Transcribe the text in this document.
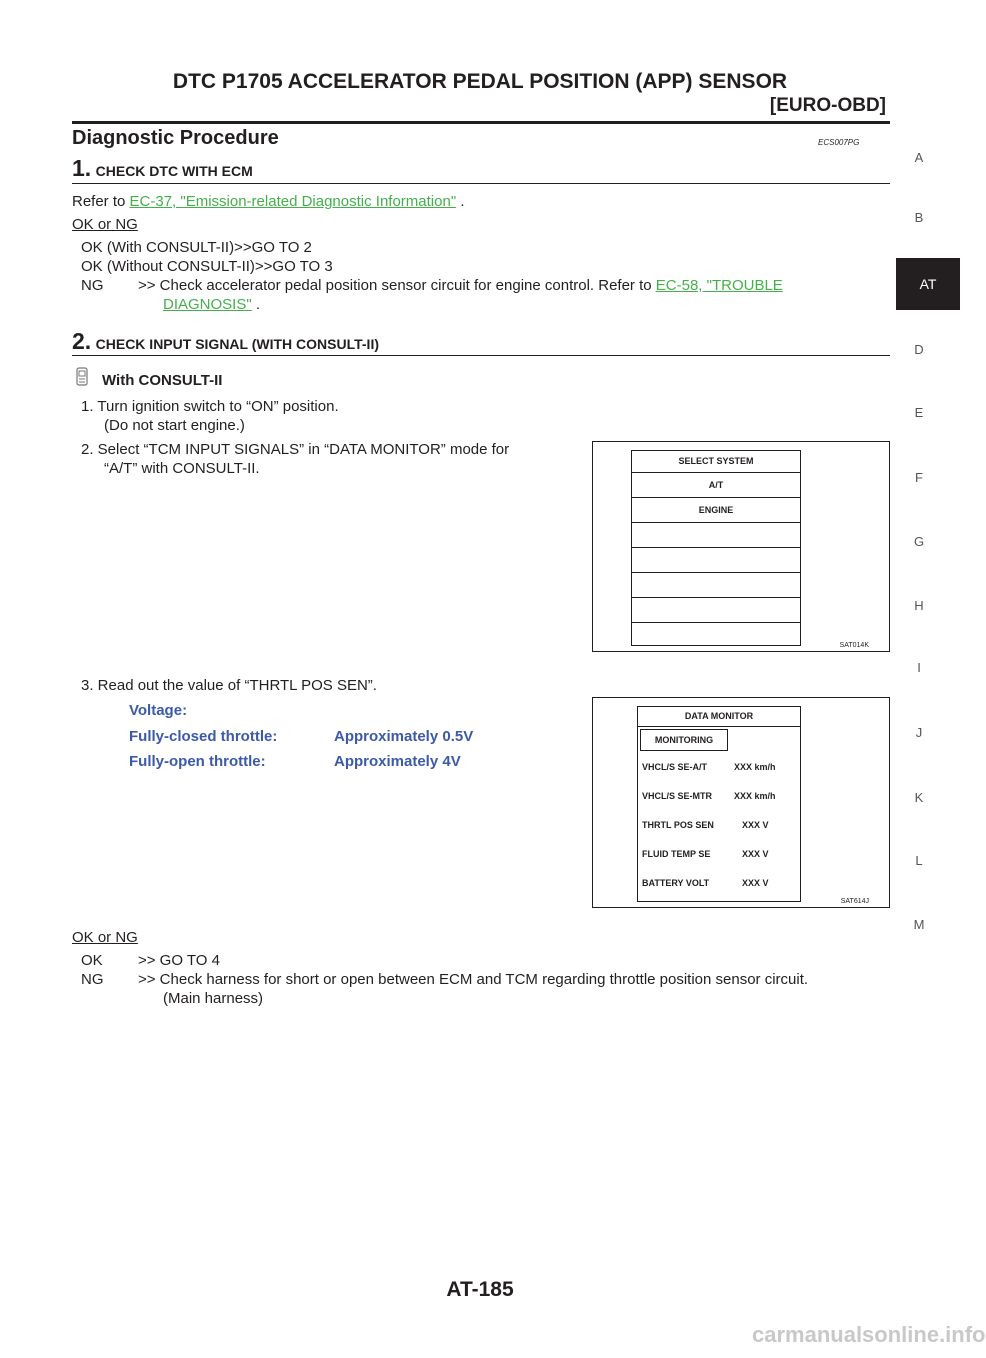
DTC P1705 ACCELERATOR PEDAL POSITION (APP) SENSOR
[EURO-OBD]
Diagnostic Procedure	ECS007PG
A
B
AT
D
E
F
G
H
I
J
K
L
M
1. CHECK DTC WITH ECM
Refer to EC-37, "Emission-related Diagnostic Information" .
OK or NG
OK (With CONSULT-II)>>GO TO 2
OK (Without CONSULT-II)>>GO TO 3
NG >> Check accelerator pedal position sensor circuit for engine control. Refer to EC-58, "TROUBLE
DIAGNOSIS" .
2. CHECK INPUT SIGNAL (WITH CONSULT-II)
With CONSULT-II
1. Turn ignition switch to “ON” position.
(Do not start engine.)
2. Select “TCM INPUT SIGNALS” in “DATA MONITOR” mode for
“A/T” with CONSULT-II.	SELECT SYSTEM
A/T
ENGINE
SAT014K
3. Read out the value of “THRTL POS SEN”.
Voltage:
Fully-closed throttle:	Approximately 0.5V
Fully-open throttle:	Approximately 4V
DATA MONITOR
MONITORING
VHCL/S SE-A/T	XXX km/h
VHCL/S SE-MTR XXX km/h
THRTL POS SEN	XXX V
FLUID TEMP SE	XXX V
BATTERY VOLT	XXX V
SAT614J
OK or NG
OK >> GO TO 4
NG >> Check harness for short or open between ECM and TCM regarding throttle position sensor circuit.
(Main harness)
AT-185
carmanualsonline.info
